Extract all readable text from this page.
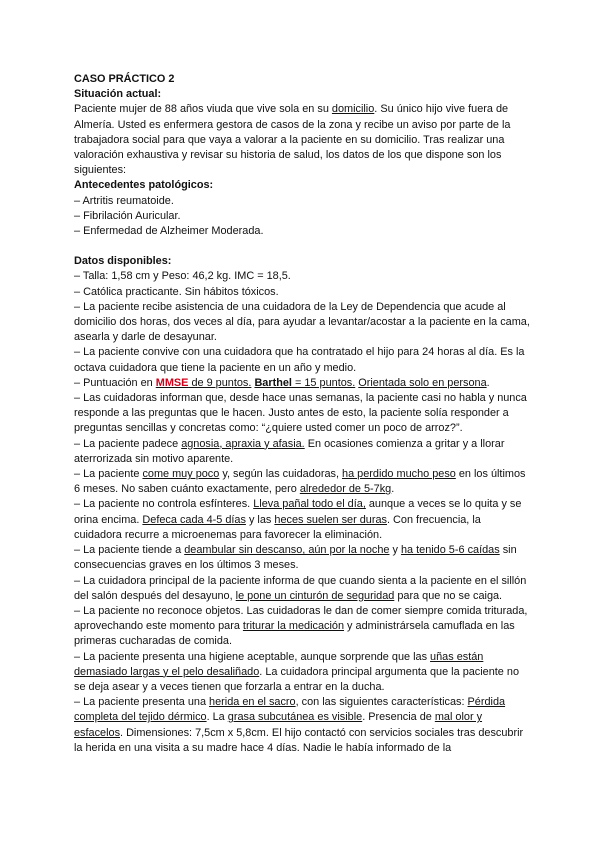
CASO PRÁCTICO 2

Situación actual:

Paciente mujer de 88 años viuda que vive sola en su domicilio. Su único hijo vive fuera de Almería. Usted es enfermera gestora de casos de la zona y recibe un aviso por parte de la trabajadora social para que vaya a valorar a la paciente en su domicilio. Tras realizar una valoración exhaustiva y revisar su historia de salud, los datos de los que dispone son los siguientes:

Antecedentes patológicos:

– Artritis reumatoide.

– Fibrilación Auricular.

– Enfermedad de Alzheimer Moderada.

Datos disponibles:

– Talla: 1,58 cm y Peso: 46,2 kg. IMC = 18,5.

– Católica practicante. Sin hábitos tóxicos.

– La paciente recibe asistencia de una cuidadora de la Ley de Dependencia que acude al domicilio dos horas, dos veces al día, para ayudar a levantar/acostar a la paciente en la cama, asearla y darle de desayunar.

– La paciente convive con una cuidadora que ha contratado el hijo para 24 horas al día. Es la octava cuidadora que tiene la paciente en un año y medio.

– Puntuación en MMSE de 9 puntos. Barthel = 15 puntos. Orientada solo en persona.

– Las cuidadoras informan que, desde hace unas semanas, la paciente casi no habla y nunca responde a las preguntas que le hacen. Justo antes de esto, la paciente solía responder a preguntas sencillas y concretas como: “¿quiere usted comer un poco de arroz?”.

– La paciente padece agnosia, apraxia y afasia. En ocasiones comienza a gritar y a llorar aterrorizada sin motivo aparente.

– La paciente come muy poco y, según las cuidadoras, ha perdido mucho peso en los últimos 6 meses. No saben cuánto exactamente, pero alrededor de 5-7kg.

– La paciente no controla esfínteres. Lleva pañal todo el día, aunque a veces se lo quita y se orina encima. Defeca cada 4-5 días y las heces suelen ser duras. Con frecuencia, la cuidadora recurre a microenemas para favorecer la eliminación.

– La paciente tiende a deambular sin descanso, aún por la noche y ha tenido 5-6 caídas sin consecuencias graves en los últimos 3 meses.

– La cuidadora principal de la paciente informa de que cuando sienta a la paciente en el sillón del salón después del desayuno, le pone un cinturón de seguridad para que no se caiga.

– La paciente no reconoce objetos. Las cuidadoras le dan de comer siempre comida triturada, aprovechando este momento para triturar la medicación y administrársela camuflada en las primeras cucharadas de comida.

– La paciente presenta una higiene aceptable, aunque sorprende que las uñas están demasiado largas y el pelo desaliñado. La cuidadora principal argumenta que la paciente no se deja asear y a veces tienen que forzarla a entrar en la ducha.

– La paciente presenta una herida en el sacro, con las siguientes características: Pérdida completa del tejido dérmico. La grasa subcutánea es visible. Presencia de mal olor y esfacelos. Dimensiones: 7,5cm x 5,8cm. El hijo contactó con servicios sociales tras descubrir la herida en una visita a su madre hace 4 días. Nadie le había informado de la
